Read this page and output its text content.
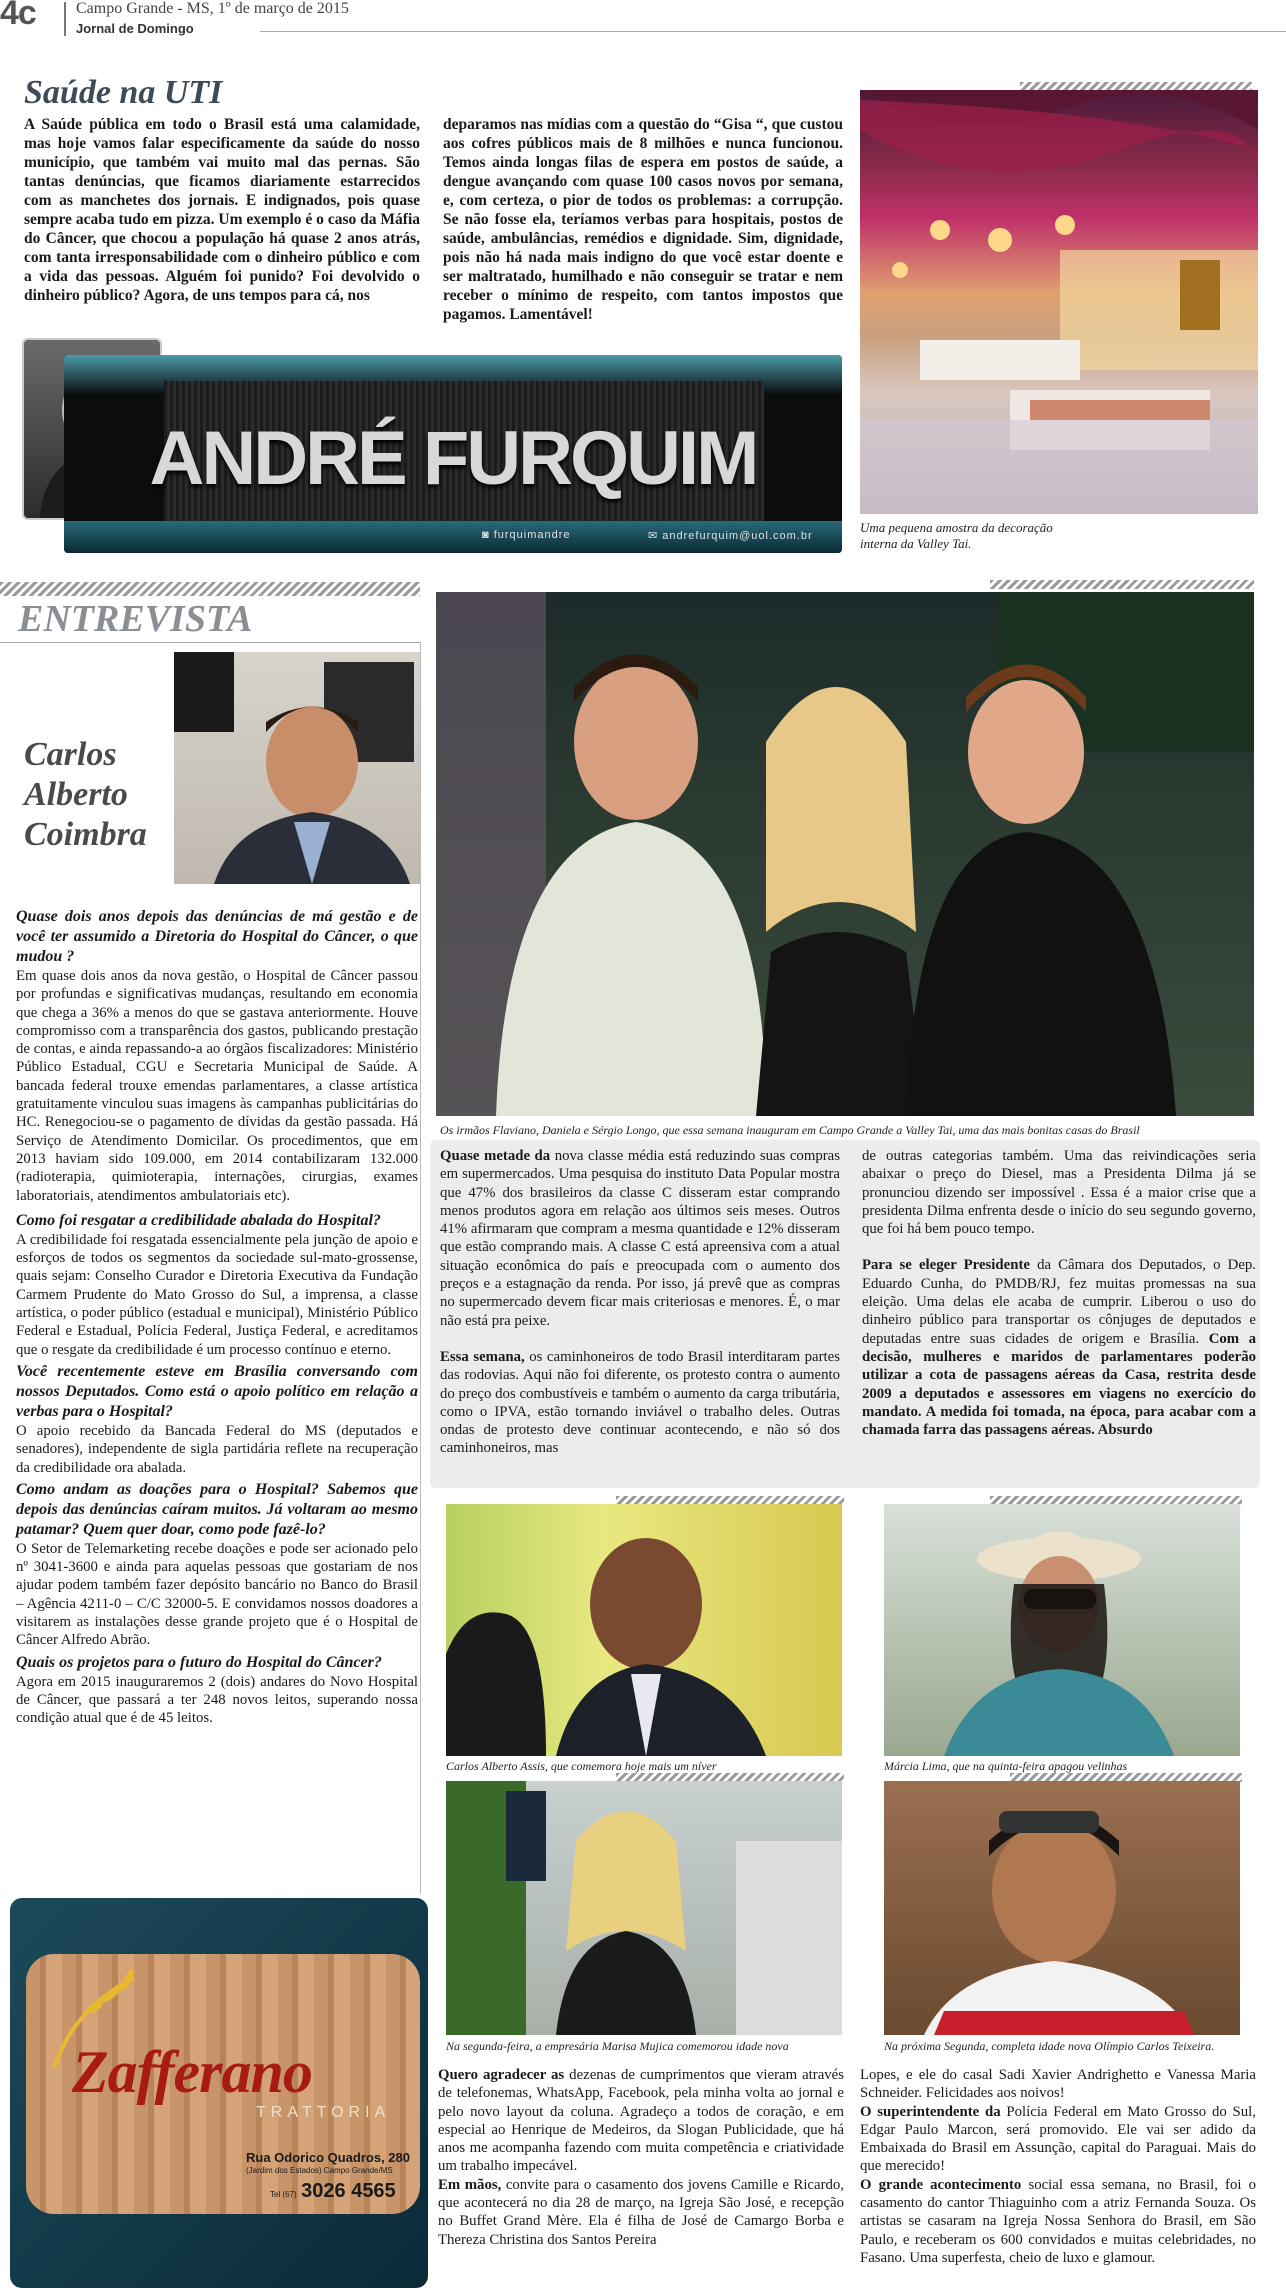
4c	Campo Grande - MS, 1º de março de 2015
Jornal de Domingo
Saúde na UTI
A Saúde pública em todo o Brasil está uma calamidade, mas hoje vamos falar especificamente da saúde do nosso município, que também vai muito mal das pernas. São tantas denúncias, que ficamos diariamente estarrecidos com as manchetes dos jornais. E indignados, pois quase sempre acaba tudo em pizza. Um exemplo é o caso da Máfia do Câncer, que chocou a população há quase 2 anos atrás, com tanta irresponsabilidade com o dinheiro público e com a vida das pessoas. Alguém foi punido? Foi devolvido o dinheiro público? Agora, de uns tempos para cá, nos
deparamos nas mídias com a questão do “Gisa “, que custou aos cofres públicos mais de 8 milhões e nunca funcionou. Temos ainda longas filas de espera em postos de saúde, a dengue avançando com quase 100 casos novos por semana, e, com certeza, o pior de todos os problemas: a corrupção. Se não fosse ela, teríamos verbas para hospitais, postos de saúde, ambulâncias, remédios e dignidade. Sim, dignidade, pois não há nada mais indigno do que você estar doente e ser maltratado, humilhado e não conseguir se tratar e nem receber o mínimo de respeito, com tantos impostos que pagamos. Lamentável!
Uma pequena amostra da decoração interna da Valley Tai.
ANDRÉ FURQUIM
◙ furquimandre	✉ andrefurquim@uol.com.br
ENTREVISTA
Carlos
Alberto
Coimbra
Quase dois anos depois das denúncias de má gestão e de você ter assumido a Diretoria do Hospital do Câncer, o que mudou ?
Em quase dois anos da nova gestão, o Hospital de Câncer passou por profundas e significativas mudanças, resultando em economia que chega a 36% a menos do que se gastava anteriormente. Houve compromisso com a transparência dos gastos, publicando prestação de contas, e ainda repassando-a ao órgãos fiscalizadores: Ministério Público Estadual, CGU e Secretaria Municipal de Saúde. A bancada federal trouxe emendas parlamentares, a classe artística gratuitamente vinculou suas imagens às campanhas publicitárias do HC. Renegociou-se o pagamento de dívidas da gestão passada. Há Serviço de Atendimento Domicilar. Os procedimentos, que em 2013 haviam sido 109.000, em 2014 contabilizaram 132.000 (radioterapia, quimioterapia, internações, cirurgias, exames laboratoriais, atendimentos ambulatoriais etc).
Como foi resgatar a credibilidade abalada do Hospital?
A credibilidade foi resgatada essencialmente pela junção de apoio e esforços de todos os segmentos da sociedade sul-mato-grossense, quais sejam: Conselho Curador e Diretoria Executiva da Fundação Carmem Prudente do Mato Grosso do Sul, a imprensa, a classe artística, o poder público (estadual e municipal), Ministério Público Federal e Estadual, Polícia Federal, Justiça Federal, e acreditamos que o resgate da credibilidade é um processo contínuo e eterno.
Você recentemente esteve em Brasília conversando com nossos Deputados. Como está o apoio político em relação a verbas para o Hospital?
O apoio recebido da Bancada Federal do MS (deputados e senadores), independente de sigla partidária reflete na recuperação da credibilidade ora abalada.
Como andam as doações para o Hospital? Sabemos que depois das denúncias caíram muitos. Já voltaram ao mesmo patamar? Quem quer doar, como pode fazê-lo?
O Setor de Telemarketing recebe doações e pode ser acionado pelo nº 3041-3600 e ainda para aquelas pessoas que gostariam de nos ajudar podem também fazer depósito bancário no Banco do Brasil – Agência 4211-0 – C/C 32000-5. E convidamos nossos doadores a visitarem as instalações desse grande projeto que é o Hospital de Câncer Alfredo Abrão.
Quais os projetos para o futuro do Hospital do Câncer?
Agora em 2015 inauguraremos 2 (dois) andares do Novo Hospital de Câncer, que passará a ter 248 novos leitos, superando nossa condição atual que é de 45 leitos.
Os irmãos Flaviano, Daniela e Sérgio Longo, que essa semana inauguram em Campo Grande a Valley Tai, uma das mais bonitas casas do Brasil

Quase metade da nova classe média está reduzindo suas compras em supermercados. Uma pesquisa do instituto Data Popular mostra que 47% dos brasileiros da classe C disseram estar comprando menos produtos agora em relação aos últimos seis meses. Outros 41% afirmaram que compram a mesma quantidade e 12% disseram que estão comprando mais. A classe C está apreensiva com a atual situação econômica do país e preocupada com o aumento dos preços e a estagnação da renda. Por isso, já prevê que as compras no supermercado devem ficar mais criteriosas e menores. É, o mar não está pra peixe.

Essa semana, os caminhoneiros de todo Brasil interditaram partes das rodovias. Aqui não foi diferente, os protesto contra o aumento do preço dos combustíveis e também o aumento da carga tributária, como o IPVA, estão tornando inviável o trabalho deles. Outras ondas de protesto deve continuar acontecendo, e não só dos caminhoneiros, mas

de outras categorias também. Uma das reivindicações seria abaixar o preço do Diesel, mas a Presidenta Dilma já se pronunciou dizendo ser impossível . Essa é a maior crise que a presidenta Dilma enfrenta desde o início do seu segundo governo, que foi há bem pouco tempo.

Para se eleger Presidente da Câmara dos Deputados, o Dep. Eduardo Cunha, do PMDB/RJ, fez muitas promessas na sua eleição. Uma delas ele acaba de cumprir. Liberou o uso do dinheiro público para transportar os cônjuges de deputados e deputadas entre suas cidades de origem e Brasília. Com a decisão, mulheres e maridos de parlamentares poderão utilizar a cota de passagens aéreas da Casa, restrita desde 2009 a deputados e assessores em viagens no exercício do mandato. A medida foi tomada, na época, para acabar com a chamada farra das passagens aéreas. Absurdo

Carlos Alberto Assis, que comemora hoje mais um níver	Márcia Lima, que na quinta-feira apagou velinhas
Na segunda-feira, a empresária Marisa Mujica comemorou idade nova	Na próxima Segunda, completa idade nova Olímpio Carlos Teixeira.

Quero agradecer as dezenas de cumprimentos que vieram através de telefonemas, WhatsApp, Facebook, pela minha volta ao jornal e pelo novo layout da coluna. Agradeço a todos de coração, e em especial ao Henrique de Medeiros, da Slogan Publicidade, que há anos me acompanha fazendo com muita competência e criatividade um trabalho impecável.

Em mãos, convite para o casamento dos jovens Camille e Ricardo, que acontecerá no dia 28 de março, na Igreja São José, e recepção no Buffet Grand Mère. Ela é filha de José de Camargo Borba e Thereza Christina dos Santos Pereira

Lopes, e ele do casal Sadi Xavier Andrighetto e Vanessa Maria Schneider. Felicidades aos noivos!

O superintendente da Polícia Federal em Mato Grosso do Sul, Edgar Paulo Marcon, será promovido. Ele vai ser adido da Embaixada do Brasil em Assunção, capital do Paraguai. Mais do que merecido!

O grande acontecimento social essa semana, no Brasil, foi o casamento do cantor Thiaguinho com a atriz Fernanda Souza. Os artistas se casaram na Igreja Nossa Senhora do Brasil, em São Paulo, e receberam os 600 convidados e muitas celebridades, no Fasano. Uma superfesta, cheio de luxo e glamour.

Zafferano
TRATTORIA
Rua Odorico Quadros, 280
(Jardim dos Estados) Campo Grande/MS
Tel (67) 3026 4565
